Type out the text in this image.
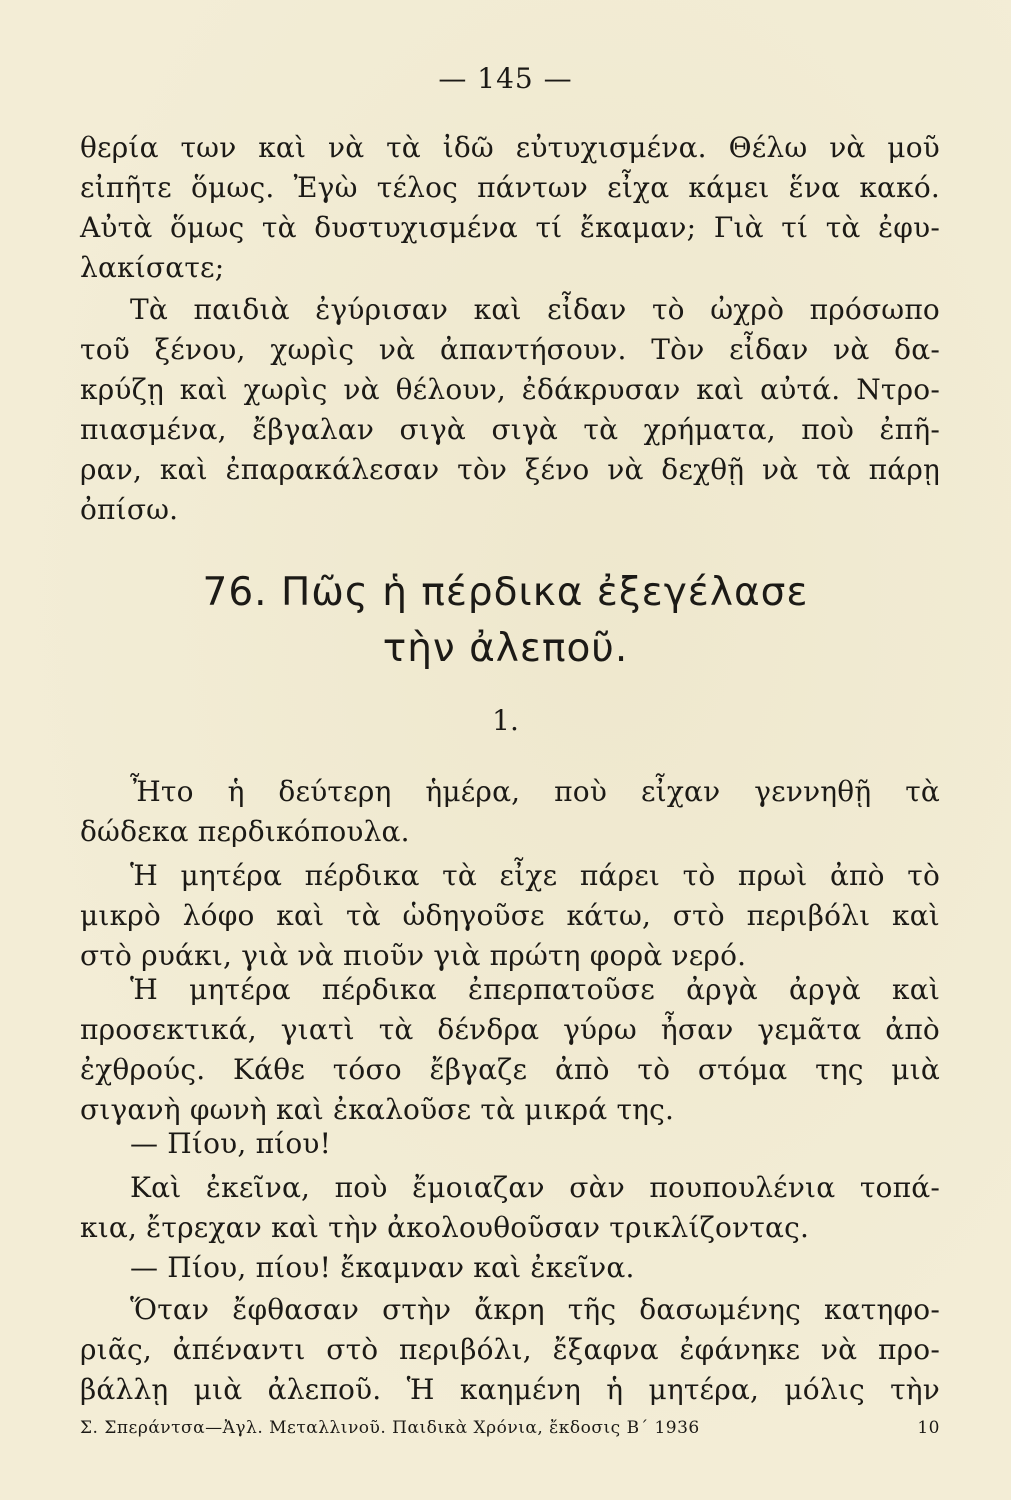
— 145 —
θερία των καὶ νὰ τὰ ἰδῶ εὐτυχισμένα. Θέλω νὰ μοῦ
εἰπῆτε ὅμως. Ἐγὼ τέλος πάντων εἶχα κάμει ἕνα κακό.
Αὐτὰ ὅμως τὰ δυστυχισμένα τί ἔκαμαν; Γιὰ τί τὰ ἐφυ-
λακίσατε;
Τὰ παιδιὰ ἐγύρισαν καὶ εἶδαν τὸ ὠχρὸ πρόσωπο
τοῦ ξένου, χωρὶς νὰ ἀπαντήσουν. Τὸν εἶδαν νὰ δα-
κρύζῃ καὶ χωρὶς νὰ θέλουν, ἐδάκρυσαν καὶ αὐτά. Ντρο-
πιασμένα, ἔβγαλαν σιγὰ σιγὰ τὰ χρήματα, ποὺ ἐπῆ-
ραν, καὶ ἐπαρακάλεσαν τὸν ξένο νὰ δεχθῇ νὰ τὰ πάρῃ
ὀπίσω.
76. Πῶς ἡ πέρδικα ἐξεγέλασε
τὴν ἀλεποῦ.
1.
Ἦτο ἡ δεύτερη ἡμέρα, ποὺ εἶχαν γεννηθῇ τὰ
δώδεκα περδικόπουλα.
Ἡ μητέρα πέρδικα τὰ εἶχε πάρει τὸ πρωὶ ἀπὸ τὸ
μικρὸ λόφο καὶ τὰ ὡδηγοῦσε κάτω, στὸ περιβόλι καὶ
στὸ ρυάκι, γιὰ νὰ πιοῦν γιὰ πρώτη φορὰ νερό.
Ἡ μητέρα πέρδικα ἐπερπατοῦσε ἀργὰ ἀργὰ καὶ
προσεκτικά, γιατὶ τὰ δένδρα γύρω ἦσαν γεμᾶτα ἀπὸ
ἐχθρούς. Κάθε τόσο ἔβγαζε ἀπὸ τὸ στόμα της μιὰ
σιγανὴ φωνὴ καὶ ἐκαλοῦσε τὰ μικρά της.
— Πίου, πίου!
Καὶ ἐκεῖνα, ποὺ ἔμοιαζαν σὰν πουπουλένια τοπά-
κια, ἔτρεχαν καὶ τὴν ἀκολουθοῦσαν τρικλίζοντας.
— Πίου, πίου! ἔκαμναν καὶ ἐκεῖνα.
Ὅταν ἔφθασαν στὴν ἄκρη τῆς δασωμένης κατηφο-
ριᾶς, ἀπέναντι στὸ περιβόλι, ἔξαφνα ἐφάνηκε νὰ προ-
βάλλῃ μιὰ ἀλεποῦ. Ἡ καημένη ἡ μητέρα, μόλις τὴν
Σ. Σπεράντσα—Ἀγλ. Μεταλλινοῦ. Παιδικὰ Χρόνια, ἔκδοσις Β΄ 1936	10
